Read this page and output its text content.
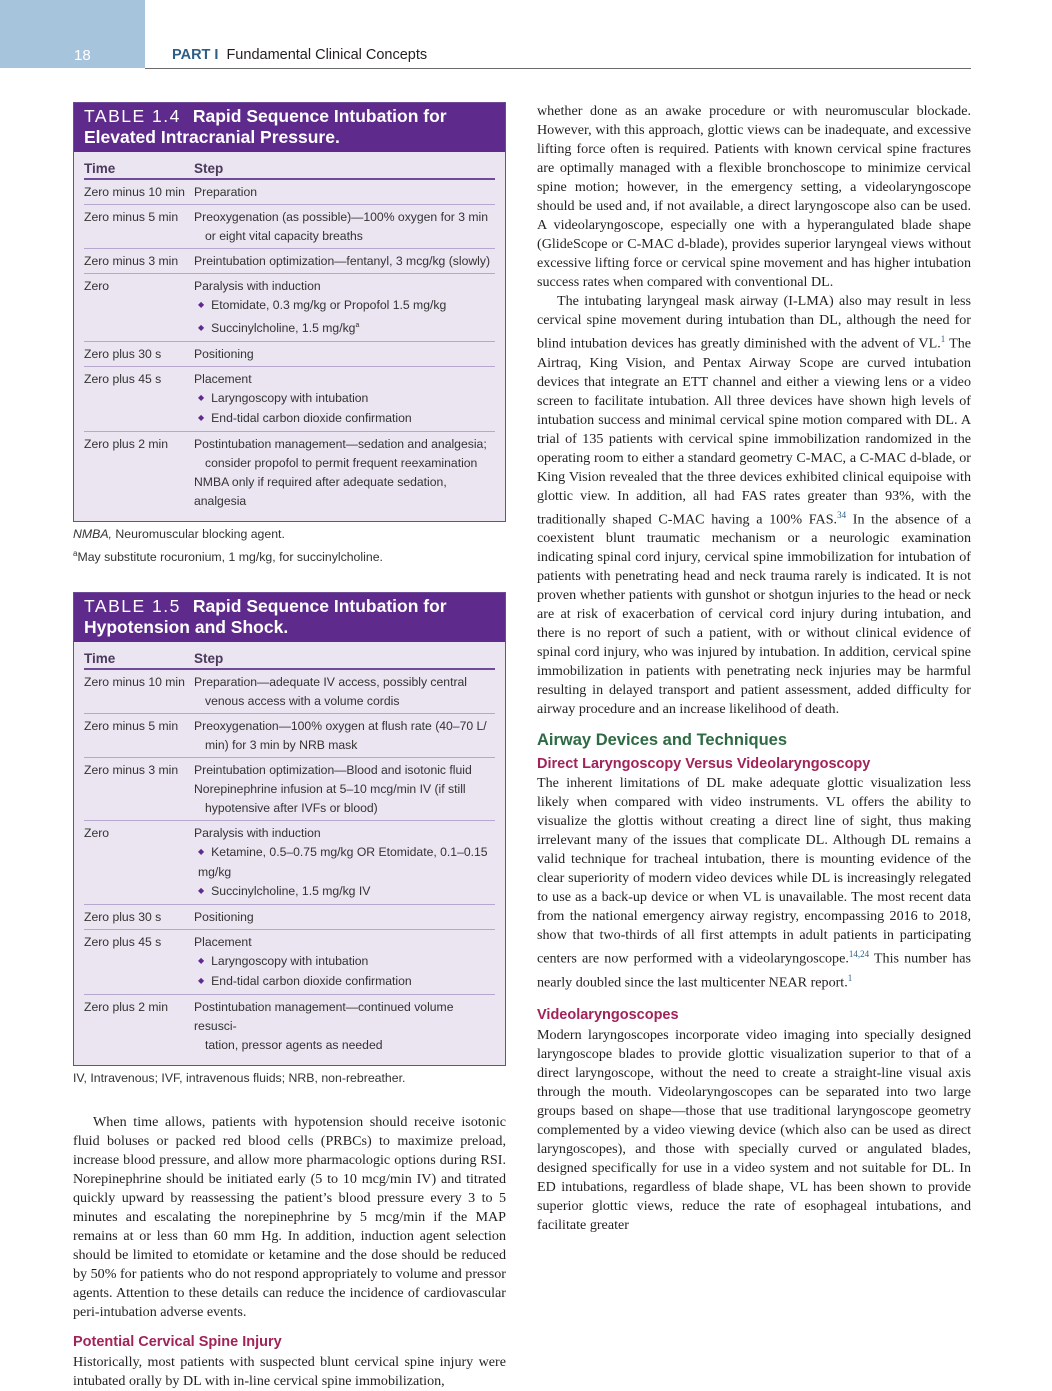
18	PART I Fundamental Clinical Concepts
TABLE 1.4 Rapid Sequence Intubation for Elevated Intracranial Pressure.
Time	Step
Zero minus 10 min Preparation
Zero minus 5 min	Preoxygenation (as possible)—100% oxygen for 3 min
or eight vital capacity breaths
Zero minus 3 min	Preintubation optimization—fentanyl, 3 mcg/kg (slowly)
Zero	Paralysis with induction
◆ Etomidate, 0.3 mg/kg or Propofol 1.5 mg/kg
◆ Succinylcholine, 1.5 $mg/kg^a$
Zero plus 30 s	Positioning
Zero plus 45 s	Placement
◆ Laryngoscopy with intubation
◆ End-tidal carbon dioxide confirmation
Zero plus 2 min	Postintubation management—sedation and analgesia;
consider propofol to permit frequent reexamination
NMBA only if required after adequate sedation, analgesia
NMBA, Neuromuscular blocking agent.
$^a$May substitute rocuronium, 1 mg/kg, for succinylcholine.
TABLE 1.5 Rapid Sequence Intubation for Hypotension and Shock.
Time	Step
Zero minus 10 min Preparation—adequate IV access, possibly central
venous access with a volume cordis
Zero minus 5 min	Preoxygenation—100% oxygen at flush rate (40–70 L/
min) for 3 min by NRB mask
Zero minus 3 min	Preintubation optimization—Blood and isotonic fluid
Norepinephrine infusion at 5–10 mcg/min IV (if still
hypotensive after IVFs or blood)
Zero	Paralysis with induction
◆ Ketamine, 0.5–0.75 mg/kg OR Etomidate, 0.1–0.15 mg/kg
◆ Succinylcholine, 1.5 mg/kg IV
Zero plus 30 s	Positioning
Zero plus 45 s	Placement
◆ Laryngoscopy with intubation
◆ End-tidal carbon dioxide confirmation
Zero plus 2 min	Postintubation management—continued volume resusci-
tation, pressor agents as needed
IV, Intravenous; IVF, intravenous fluids; NRB, non-rebreather.

When time allows, patients with hypotension should receive isotonic fluid boluses or packed red blood cells (PRBCs) to maximize preload, increase blood pressure, and allow more pharmacologic options during RSI. Norepinephrine should be initiated early (5 to 10 mcg/min IV) and titrated quickly upward by reassessing the patient’s blood pressure every 3 to 5 minutes and escalating the norepinephrine by 5 mcg/min if the MAP remains at or less than 60 mm Hg. In addition, induction agent selection should be limited to etomidate or ketamine and the dose should be reduced by 50% for patients who do not respond appropriately to volume and pressor agents. Attention to these details can reduce the incidence of cardiovascular peri-intubation adverse events.

Potential Cervical Spine Injury

Historically, most patients with suspected blunt cervical spine injury were intubated orally by DL with in-line cervical spine immobilization,

whether done as an awake procedure or with neuromuscular blockade. However, with this approach, glottic views can be inadequate, and excessive lifting force often is required. Patients with known cervical spine fractures are optimally managed with a flexible bronchoscope to minimize cervical spine motion; however, in the emergency setting, a videolaryngoscope should be used and, if not available, a direct laryngoscope also can be used. A videolaryngoscope, especially one with a hyperangulated blade shape (GlideScope or C-MAC d-blade), provides superior laryngeal views without excessive lifting force or cervical spine movement and has higher intubation success rates when compared with conventional DL.

The intubating laryngeal mask airway (I-LMA) also may result in less cervical spine movement during intubation than DL, although the need for blind intubation devices has greatly diminished with the advent of VL.$^1$ The Airtraq, King Vision, and Pentax Airway Scope are curved intubation devices that integrate an ETT channel and either a viewing lens or a video screen to facilitate intubation. All three devices have shown high levels of intubation success and minimal cervical spine motion compared with DL. A trial of 135 patients with cervical spine immobilization randomized in the operating room to either a standard geometry C-MAC, a C-MAC d-blade, or King Vision revealed that the three devices exhibited clinical equipoise with glottic view. In addition, all had FAS rates greater than 93%, with the traditionally shaped C-MAC having a 100% FAS.$^{34}$ In the absence of a coexistent blunt traumatic mechanism or a neurologic examination indicating spinal cord injury, cervical spine immobilization for intubation of patients with penetrating head and neck trauma rarely is indicated. It is not proven whether patients with gunshot or shotgun injuries to the head or neck are at risk of exacerbation of cervical cord injury during intubation, and there is no report of such a patient, with or without clinical evidence of spinal cord injury, who was injured by intubation. In addition, cervical spine immobilization in patients with penetrating neck injuries may be harmful resulting in delayed transport and patient assessment, added difficulty for airway procedure and an increase likelihood of death.

Airway Devices and Techniques
Direct Laryngoscopy Versus Videolaryngoscopy

The inherent limitations of DL make adequate glottic visualization less likely when compared with video instruments. VL offers the ability to visualize the glottis without creating a direct line of sight, thus making irrelevant many of the issues that complicate DL. Although DL remains a valid technique for tracheal intubation, there is mounting evidence of the clear superiority of modern video devices while DL is increasingly relegated to use as a back-up device or when VL is unavailable. The most recent data from the national emergency airway registry, encompassing 2016 to 2018, show that two-thirds of all first attempts in adult patients in participating centers are now performed with a videolaryngoscope.$^{14,24}$ This number has nearly doubled since the last multicenter NEAR report.$^1$

Videolaryngoscopes

Modern laryngoscopes incorporate video imaging into specially designed laryngoscope blades to provide glottic visualization superior to that of a direct laryngoscope, without the need to create a straight-line visual axis through the mouth. Videolaryngoscopes can be separated into two large groups based on shape—those that use traditional laryngoscope geometry complemented by a video viewing device (which also can be used as direct laryngoscopes), and those with specially curved or angulated blades, designed specifically for use in a video system and not suitable for DL. In ED intubations, regardless of blade shape, VL has been shown to provide superior glottic views, reduce the rate of esophageal intubations, and facilitate greater
